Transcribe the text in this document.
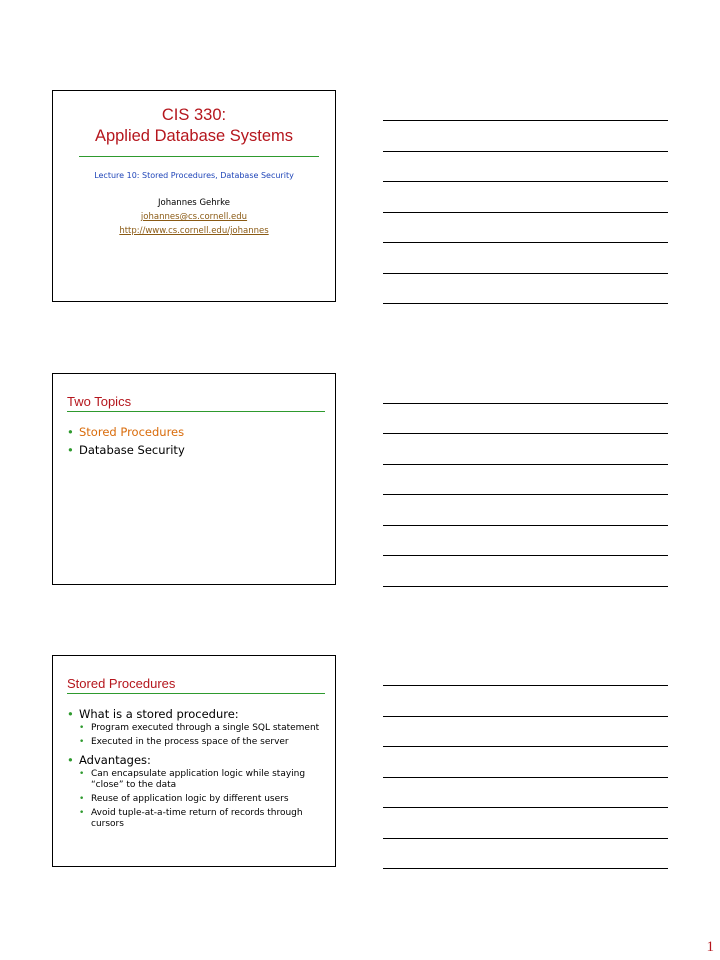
CIS 330:
Applied Database Systems
Lecture 10: Stored Procedures, Database Security
Johannes Gehrke
johannes@cs.cornell.edu
http://www.cs.cornell.edu/johannes
Two Topics
• Stored Procedures
• Database Security
Stored Procedures
• What is a stored procedure:
• Program executed through a single SQL statement
• Executed in the process space of the server
• Advantages:
• Can encapsulate application logic while staying “close” to the data
• Reuse of application logic by different users
• Avoid tuple-at-a-time return of records through cursors
1
